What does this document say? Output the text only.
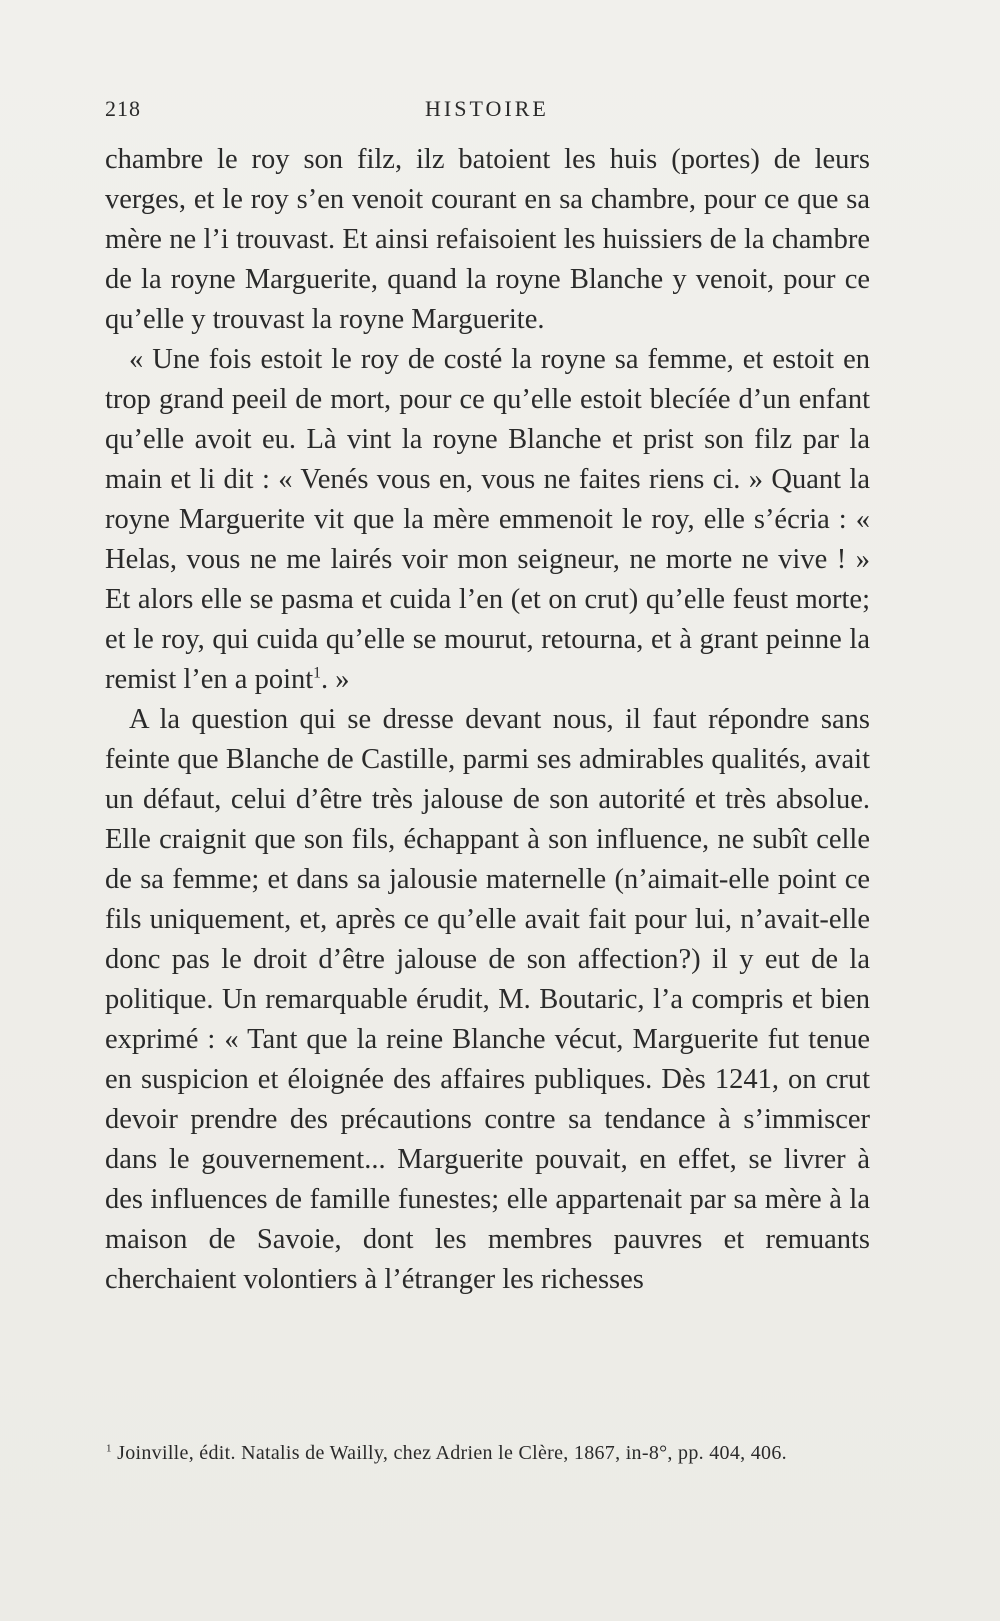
218	HISTOIRE

chambre le roy son filz, ilz batoient les huis (portes) de leurs verges, et le roy s’en venoit courant en sa chambre, pour ce que sa mère ne l’i trouvast. Et ainsi refaisoient les huissiers de la chambre de la royne Marguerite, quand la royne Blanche y venoit, pour ce qu’elle y trouvast la royne Marguerite.

« Une fois estoit le roy de costé la royne sa femme, et estoit en trop grand peeil de mort, pour ce qu’elle estoit blecíée d’un enfant qu’elle avoit eu. Là vint la royne Blanche et prist son filz par la main et li dit : « Venés vous en, vous ne faites riens ci. » Quant la royne Marguerite vit que la mère emmenoit le roy, elle s’écria : « Helas, vous ne me lairés voir mon seigneur, ne morte ne vive ! » Et alors elle se pasma et cuida l’en (et on crut) qu’elle feust morte; et le roy, qui cuida qu’elle se mourut, retourna, et à grant peinne la remist l’en a point$^1$. »

A la question qui se dresse devant nous, il faut répondre sans feinte que Blanche de Castille, parmi ses admirables qualités, avait un défaut, celui d’être très jalouse de son autorité et très absolue. Elle craignit que son fils, échappant à son influence, ne subît celle de sa femme; et dans sa jalousie maternelle (n’aimait-elle point ce fils uniquement, et, après ce qu’elle avait fait pour lui, n’avait-elle donc pas le droit d’être jalouse de son affection?) il y eut de la politique. Un remarquable érudit, M. Boutaric, l’a compris et bien exprimé : « Tant que la reine Blanche vécut, Marguerite fut tenue en suspicion et éloignée des affaires publiques. Dès 1241, on crut devoir prendre des précautions contre sa tendance à s’immiscer dans le gouvernement... Marguerite pouvait, en effet, se livrer à des influences de famille funestes; elle appartenait par sa mère à la maison de Savoie, dont les membres pauvres et remuants cherchaient volontiers à l’étranger les richesses

$^1$ Joinville, édit. Natalis de Wailly, chez Adrien le Clère, 1867, in-8°, pp. 404, 406.
